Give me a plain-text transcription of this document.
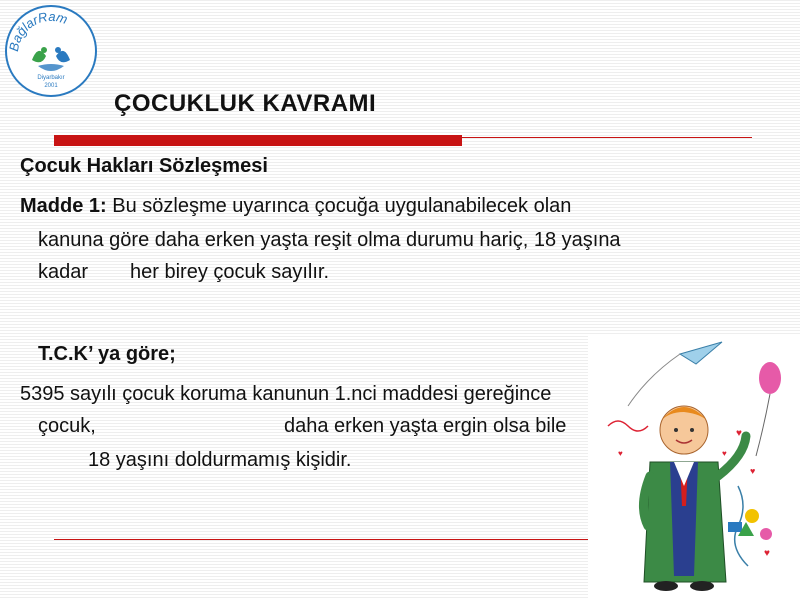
BağlarRam
Diyarbakır
2001
ÇOCUKLUK KAVRAMI
Çocuk Hakları Sözleşmesi
Madde 1: Bu sözleşme uyarınca çocuğa uygulanabilecek olan
kanuna göre daha erken yaşta reşit olma durumu hariç, 18 yaşına
kadar her birey çocuk sayılır.
T.C.K’ ya göre;
5395 sayılı çocuk koruma kanunun 1.nci maddesi gereğince
çocuk,	daha erken yaşta ergin olsa bile
18 yaşını doldurmamış kişidir.
♥
♥
♥
♥
♥
